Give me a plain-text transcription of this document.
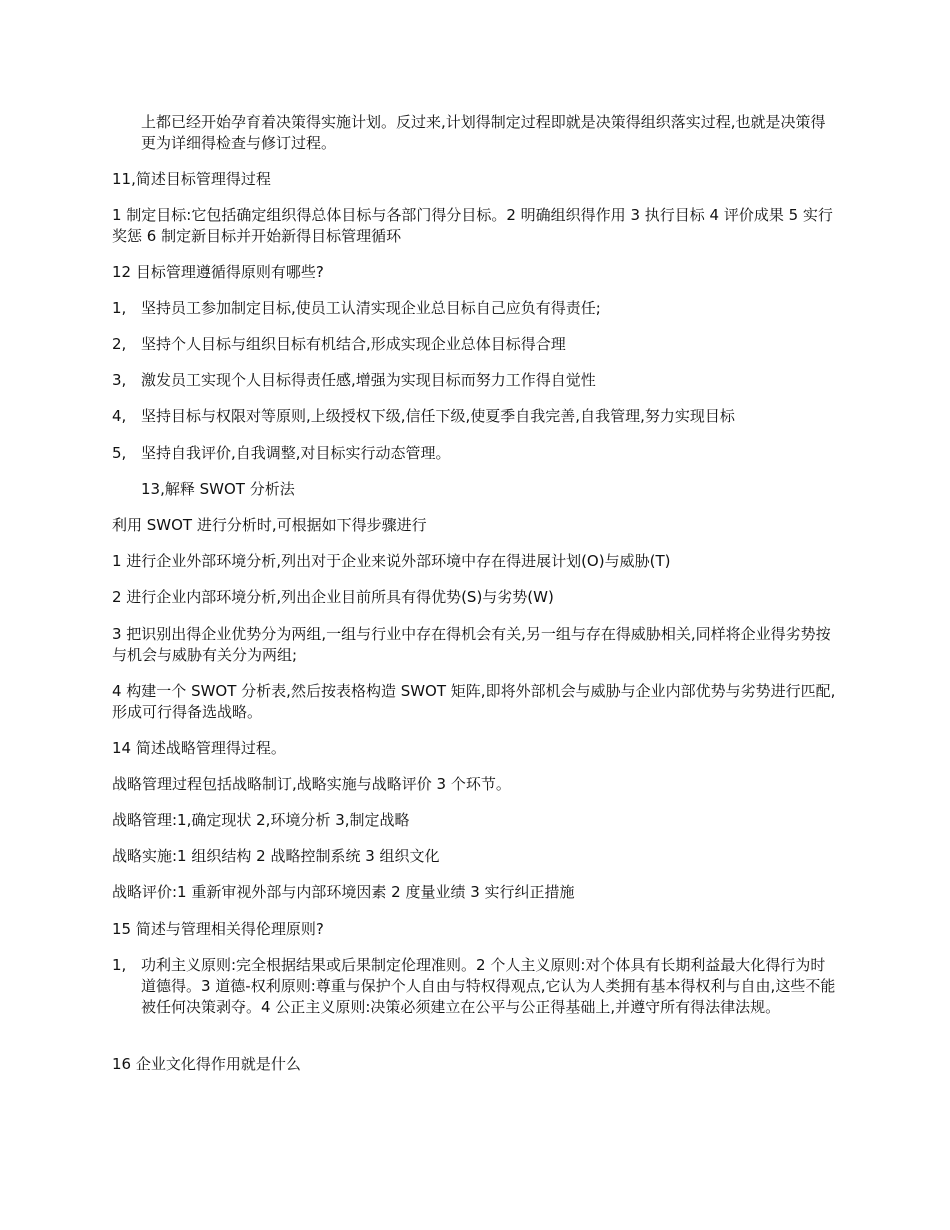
上都已经开始孕育着决策得实施计划。反过来,计划得制定过程即就是决策得组织落实过程,也就是决策得更为详细得检查与修订过程。

11,简述目标管理得过程

1 制定目标:它包括确定组织得总体目标与各部门得分目标。2 明确组织得作用 3 执行目标 4 评价成果 5 实行奖惩 6 制定新目标并开始新得目标管理循环

12 目标管理遵循得原则有哪些?

1, 坚持员工参加制定目标,使员工认清实现企业总目标自己应负有得责任;
2, 坚持个人目标与组织目标有机结合,形成实现企业总体目标得合理
3, 激发员工实现个人目标得责任感,增强为实现目标而努力工作得自觉性
4, 坚持目标与权限对等原则,上级授权下级,信任下级,使夏季自我完善,自我管理,努力实现目标
5, 坚持自我评价,自我调整,对目标实行动态管理。

13,解释 SWOT 分析法

利用 SWOT 进行分析时,可根据如下得步骤进行

1 进行企业外部环境分析,列出对于企业来说外部环境中存在得进展计划(O)与威胁(T)

2 进行企业内部环境分析,列出企业目前所具有得优势(S)与劣势(W)

3 把识别出得企业优势分为两组,一组与行业中存在得机会有关,另一组与存在得威胁相关,同样将企业得劣势按与机会与威胁有关分为两组;

4 构建一个 SWOT 分析表,然后按表格构造 SWOT 矩阵,即将外部机会与威胁与企业内部优势与劣势进行匹配,形成可行得备选战略。

14 简述战略管理得过程。

战略管理过程包括战略制订,战略实施与战略评价 3 个环节。

战略管理:1,确定现状 2,环境分析 3,制定战略

战略实施:1 组织结构 2 战略控制系统 3 组织文化

战略评价:1 重新审视外部与内部环境因素 2 度量业绩 3 实行纠正措施

15 简述与管理相关得伦理原则?

1, 功利主义原则:完全根据结果或后果制定伦理准则。2 个人主义原则:对个体具有长期利益最大化得行为时道德得。3 道德-权利原则:尊重与保护个人自由与特权得观点,它认为人类拥有基本得权利与自由,这些不能被任何决策剥夺。4 公正主义原则:决策必须建立在公平与公正得基础上,并遵守所有得法律法规。

16 企业文化得作用就是什么
